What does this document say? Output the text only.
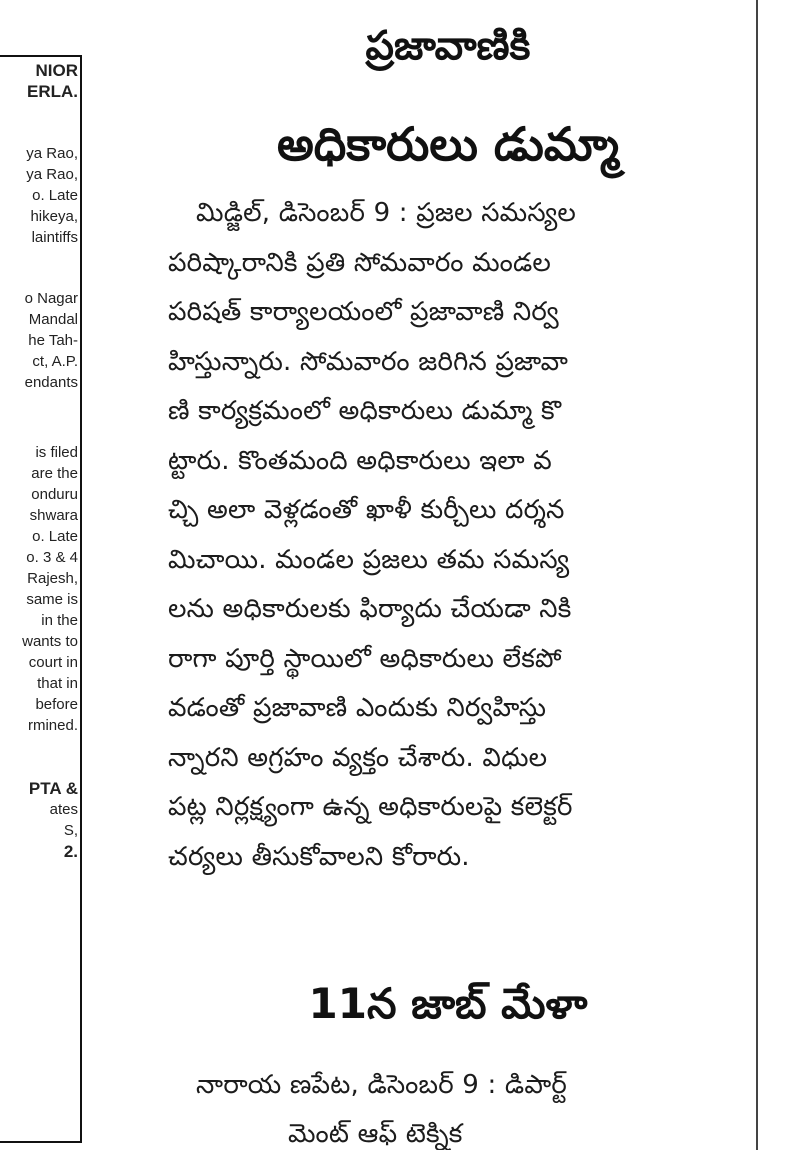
NIOR
ERLA.
ya Rao,
ya Rao,
o. Late
hikeya,
laintiffs
o Nagar
Mandal
he Tah-
ct, A.P.
endants
is filed
are the
onduru
shwara
o. Late
o. 3 & 4
Rajesh,
same is
in the
wants to
court in
that in
before
rmined.
PTA &
ates
S,
2.
ప్రజావాణికి
అధికారులు డుమ్మా
మిడ్జిల్, డిసెంబర్ 9 : ప్రజల సమస్యల
పరిష్కారానికి ప్రతి సోమవారం మండల
పరిషత్ కార్యాలయంలో ప్రజావాణి నిర్వ
హిస్తున్నారు. సోమవారం జరిగిన ప్రజావా
ణి కార్యక్రమంలో అధికారులు డుమ్మా కొ
ట్టారు. కొంతమంది అధికారులు ఇలా వ
చ్చి అలా వెళ్లడంతో ఖాళీ కుర్చీలు దర్శన
మిచాయి. మండల ప్రజలు తమ సమస్య
లను అధికారులకు ఫిర్యాదు చేయడా నికి
రాగా పూర్తి స్థాయిలో అధికారులు లేకపో
వడంతో ప్రజావాణి ఎందుకు నిర్వహిస్తు
న్నారని అగ్రహం వ్యక్తం చేశారు. విధుల
పట్ల నిర్లక్ష్యంగా ఉన్న అధికారులపై కలెక్టర్
చర్యలు తీసుకోవాలని కోరారు.
11న జాబ్ మేళా
నారాయ ణపేట, డిసెంబర్ 9 : డిపార్ట్
మెంట్ ఆఫ్ టెక్నిక
